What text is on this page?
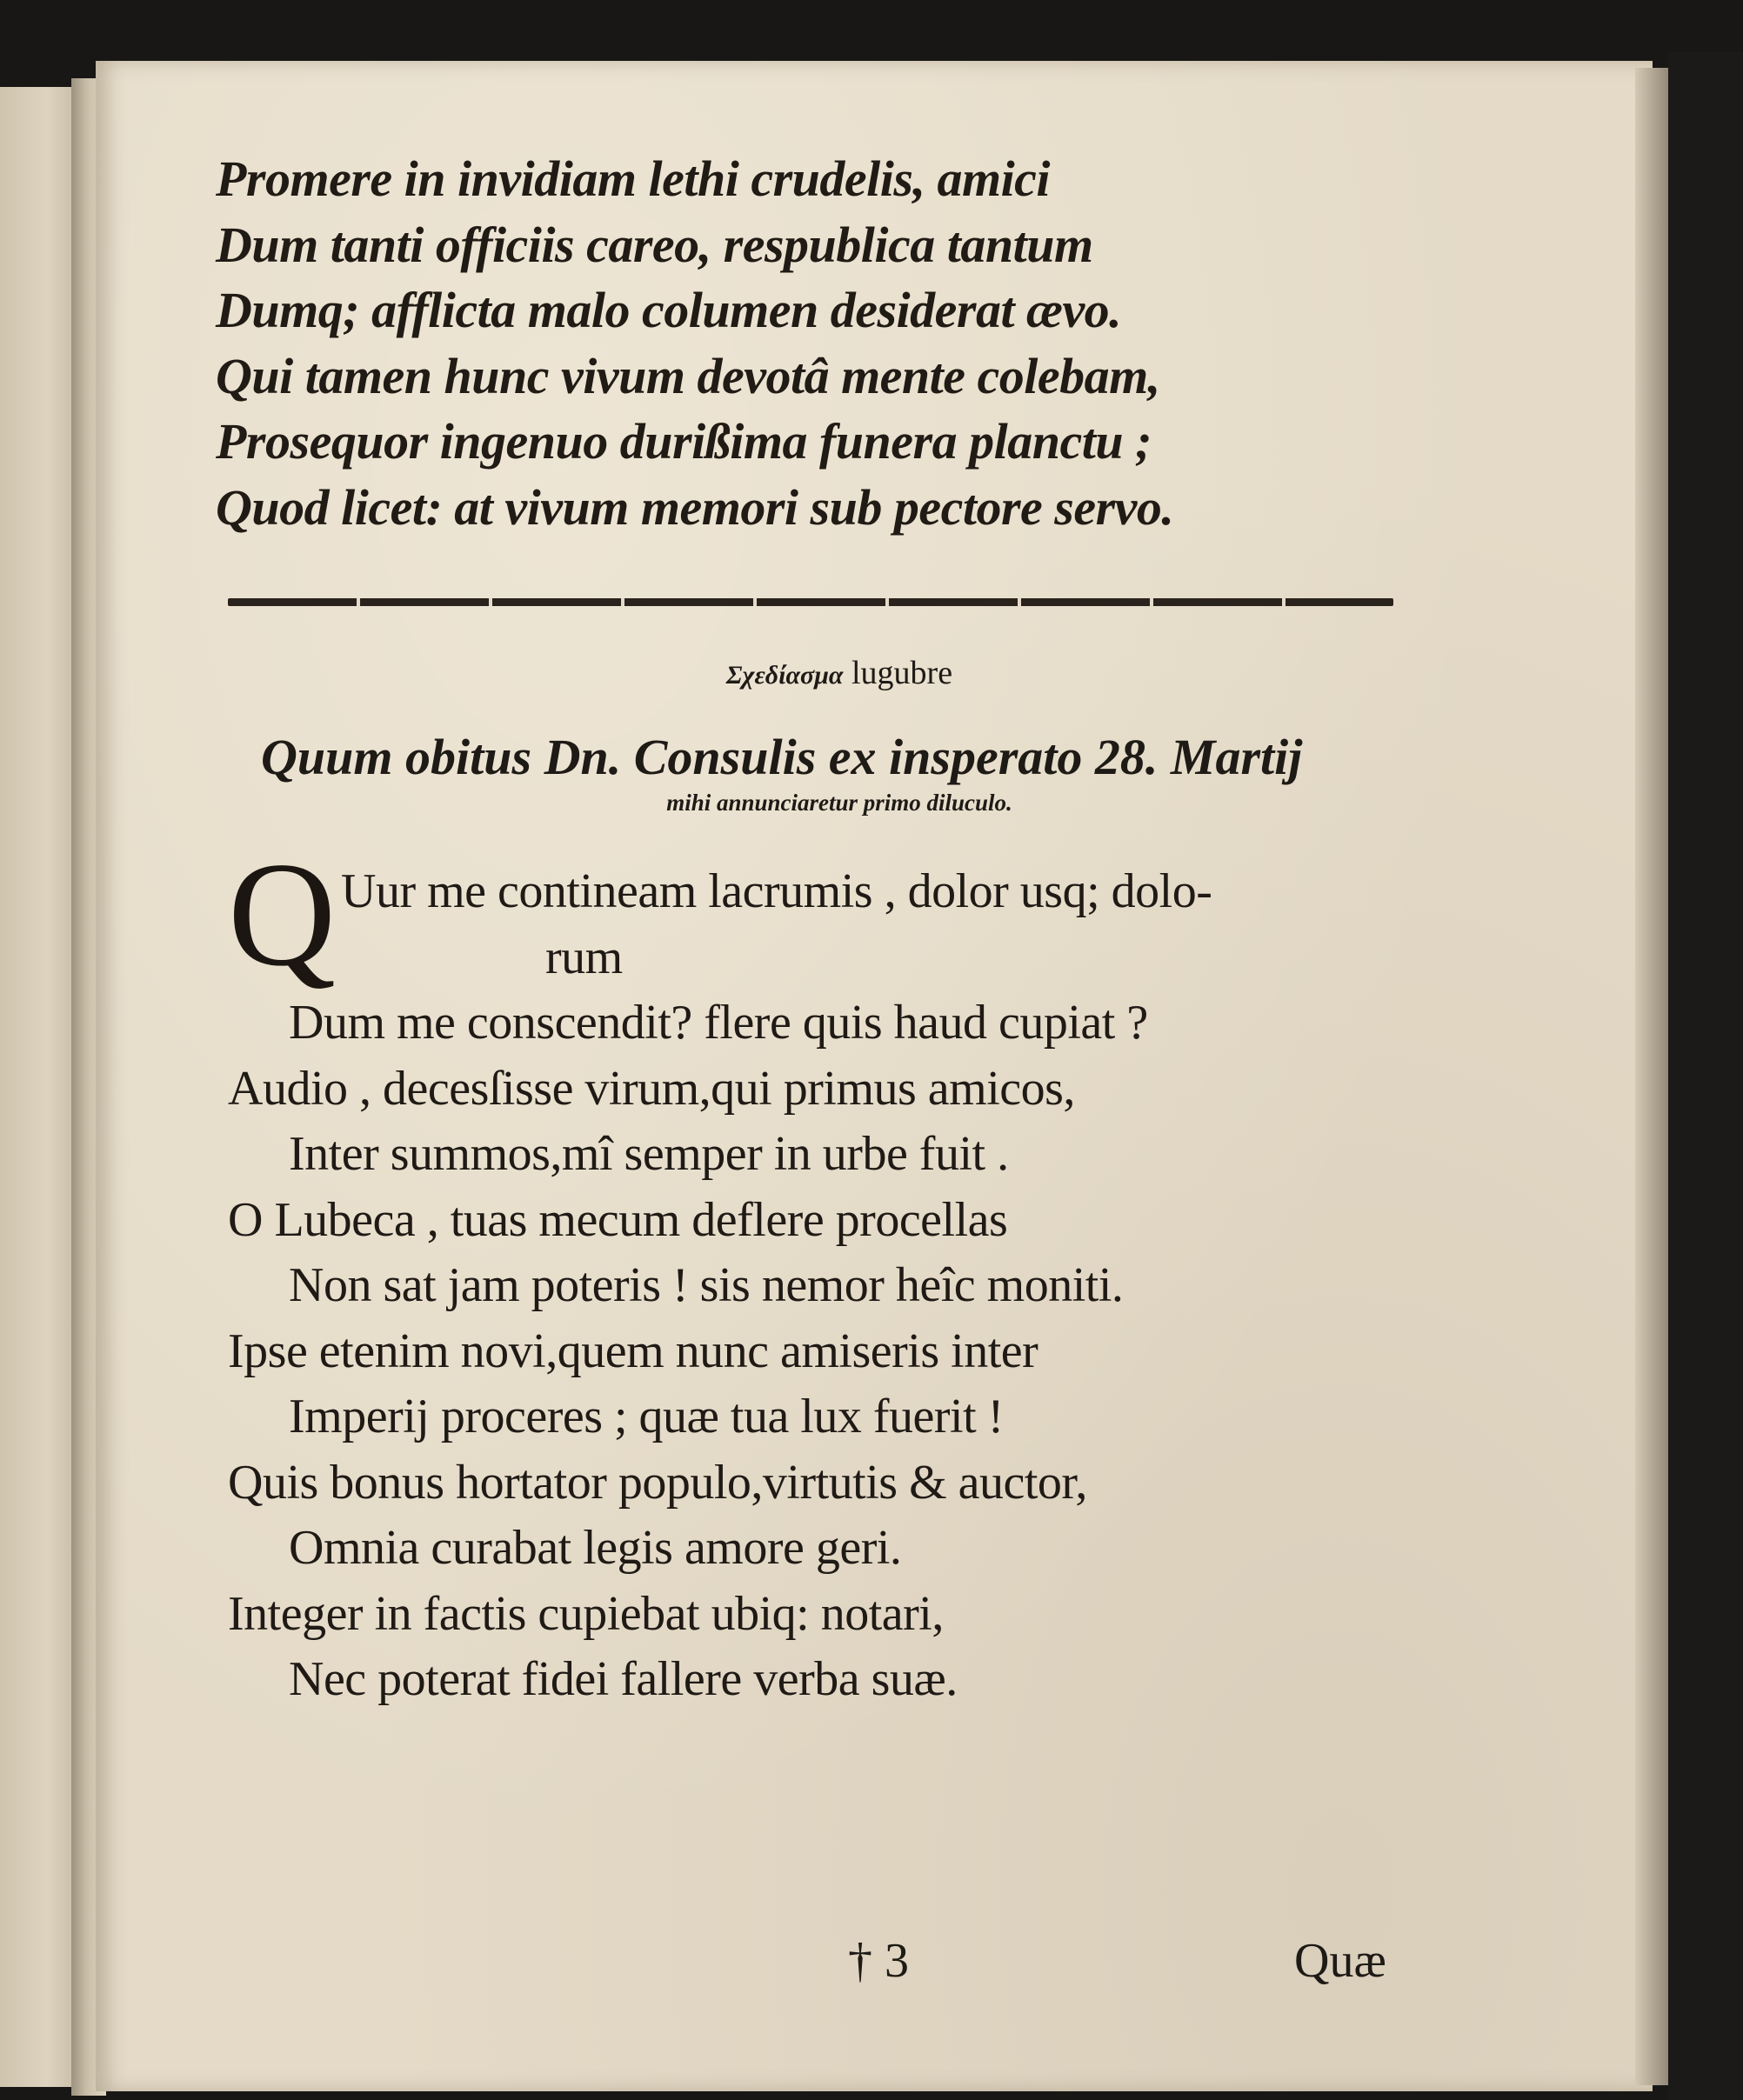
Promere in invidiam lethi crudelis, amici
Dum tanti officiis careo, respublica tantum
Dumq; afflicta malo columen desiderat ævo.
Qui tamen hunc vivum devotâ mente colebam,
Prosequor ingenuo durißima funera planctu ;
Quod licet: at vivum memori sub pectore servo.
Σχεδίασμα lugubre
Quum obitus Dn. Consulis ex insperato 28. Martij
mihi annunciaretur primo diluculo.
Q Uur me contineam lacrumis , dolor usq; dolo-
rum
Dum me conscendit? flere quis haud cupiat ?
Audio , decesſisse virum,qui primus amicos,
Inter summos,mî semper in urbe fuit .
O Lubeca , tuas mecum deflere procellas
Non sat jam poteris ! sis nemor heîc moniti.
Ipse etenim novi,quem nunc amiseris inter
Imperij proceres ; quæ tua lux fuerit !
Quis bonus hortator populo,virtutis & auctor,
Omnia curabat legis amore geri.
Integer in factis cupiebat ubiq: notari,
Nec poterat fidei fallere verba suæ.
† 3	Quæ
